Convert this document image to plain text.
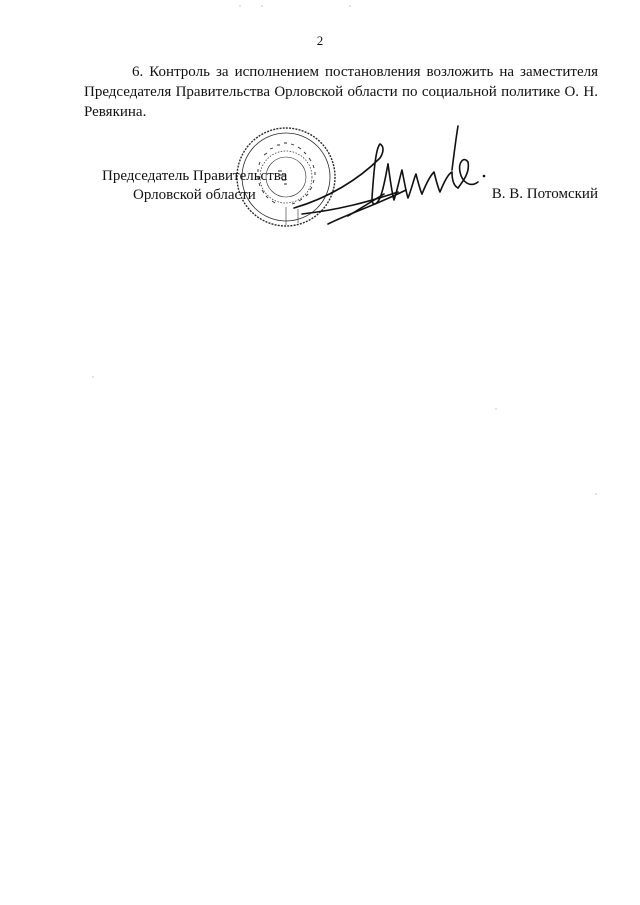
2

6. Контроль за исполнением постановления возложить на заместителя Председателя Правительства Орловской области по социальной политике О. Н. Ревякина.

Председатель Правительства
Орловской области	В. В. Потомский
